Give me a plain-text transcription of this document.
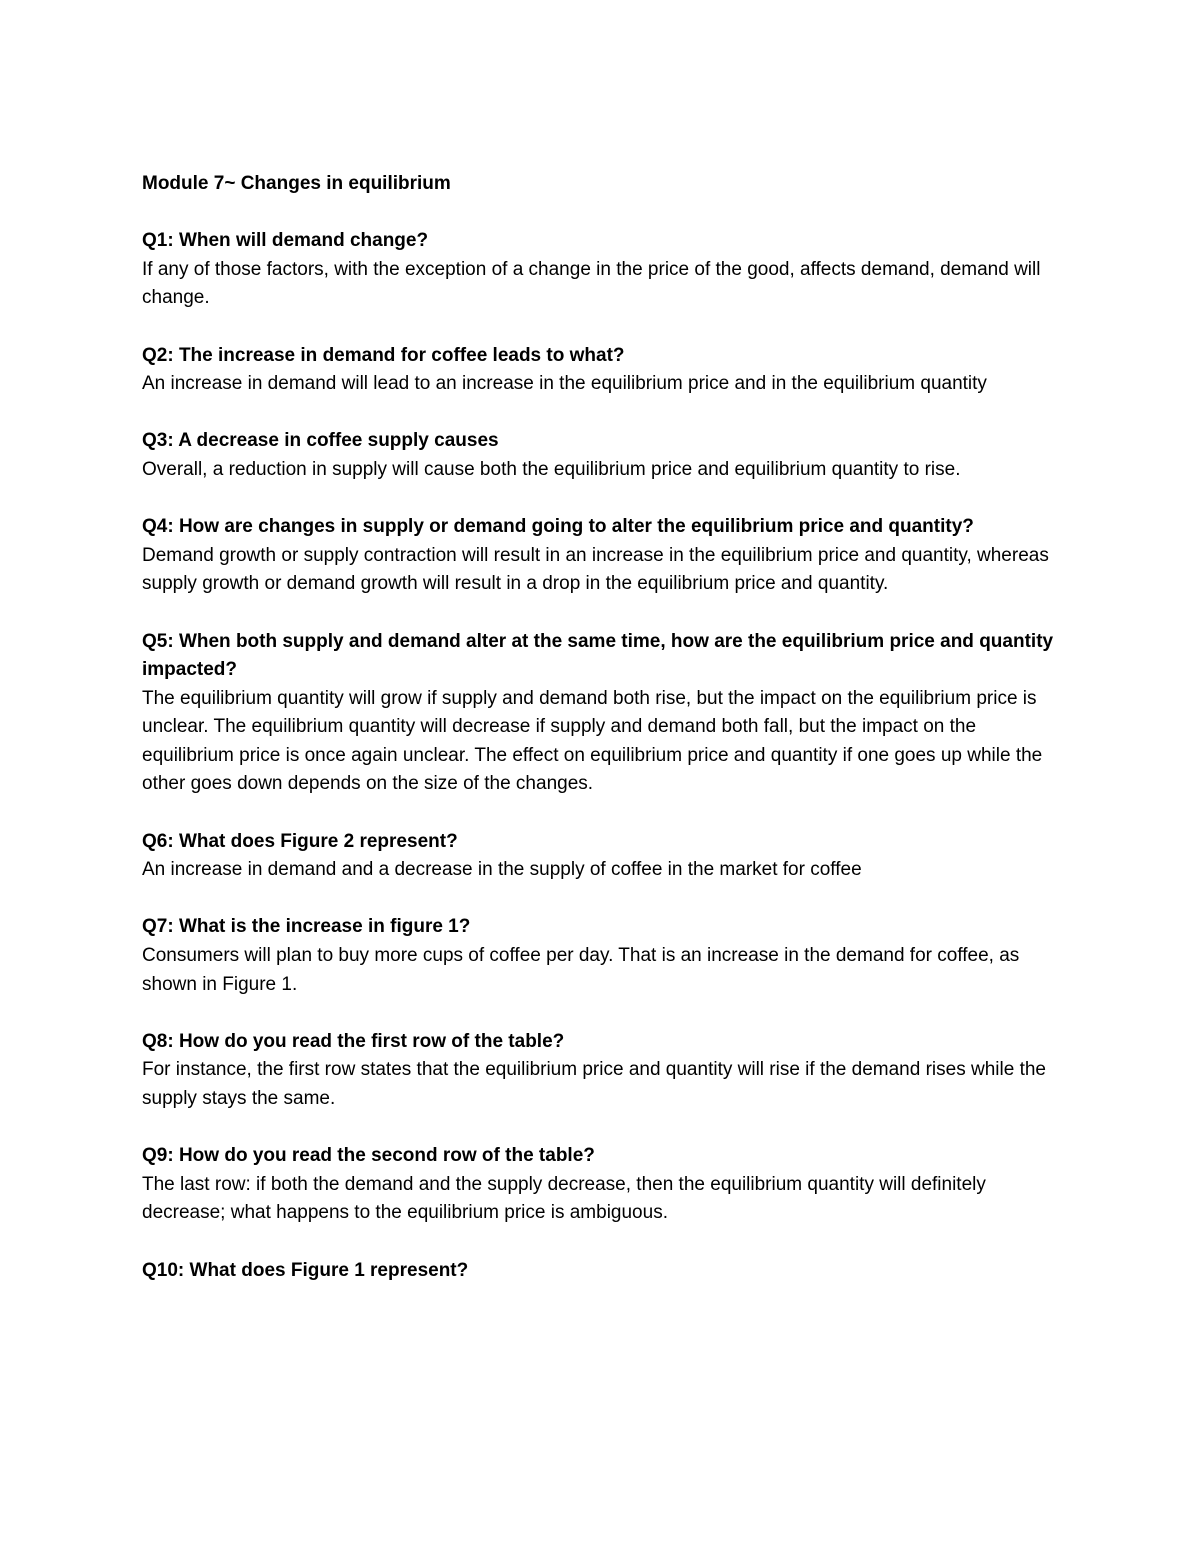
Module 7~ Changes in equilibrium

Q1: When will demand change?

If any of those factors, with the exception of a change in the price of the good, affects demand, demand will change.

Q2: The increase in demand for coffee leads to what?

An increase in demand will lead to an increase in the equilibrium price and in the equilibrium quantity

Q3: A decrease in coffee supply causes

Overall, a reduction in supply will cause both the equilibrium price and equilibrium quantity to rise.

Q4: How are changes in supply or demand going to alter the equilibrium price and quantity?

Demand growth or supply contraction will result in an increase in the equilibrium price and quantity, whereas supply growth or demand growth will result in a drop in the equilibrium price and quantity.

Q5: When both supply and demand alter at the same time, how are the equilibrium price and quantity impacted?

The equilibrium quantity will grow if supply and demand both rise, but the impact on the equilibrium price is unclear. The equilibrium quantity will decrease if supply and demand both fall, but the impact on the equilibrium price is once again unclear. The effect on equilibrium price and quantity if one goes up while the other goes down depends on the size of the changes.

Q6: What does Figure 2 represent?

An increase in demand and a decrease in the supply of coffee in the market for coffee

Q7: What is the increase in figure 1?

Consumers will plan to buy more cups of coffee per day. That is an increase in the demand for coffee, as shown in Figure 1.

Q8: How do you read the first row of the table?

For instance, the first row states that the equilibrium price and quantity will rise if the demand rises while the supply stays the same.

Q9: How do you read the second row of the table?

The last row: if both the demand and the supply decrease, then the equilibrium quantity will definitely decrease; what happens to the equilibrium price is ambiguous.

Q10: What does Figure 1 represent?
